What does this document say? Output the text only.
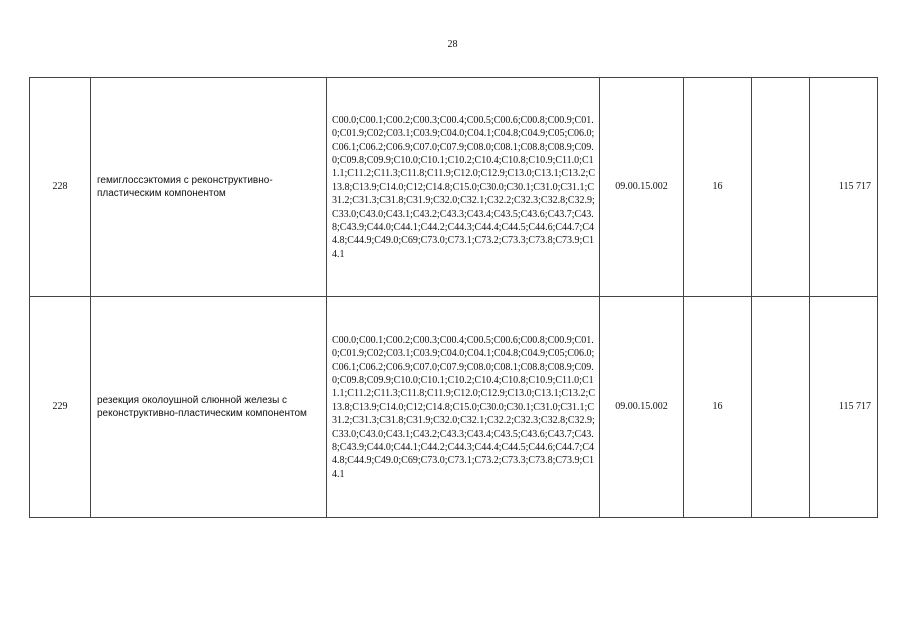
28
228	гемиглоссэктомия с реконструктивно-пластическим компонентом	C00.0;C00.1;C00.2;C00.3;C00.4;C00.5;C00.6;C00.8;C00.9;C01.0;C01.9;C02;C03.1;C03.9;C04.0;C04.1;C04.8;C04.9;C05;C06.0;C06.1;C06.2;C06.9;C07.0;C07.9;C08.0;C08.1;C08.8;C08.9;C09.0;C09.8;C09.9;C10.0;C10.1;C10.2;C10.4;C10.8;C10.9;C11.0;C11.1;C11.2;C11.3;C11.8;C11.9;C12.0;C12.9;C13.0;C13.1;C13.2;C13.8;C13.9;C14.0;C12;C14.8;C15.0;C30.0;C30.1;C31.0;C31.1;C31.2;C31.3;C31.8;C31.9;C32.0;C32.1;C32.2;C32.3;C32.8;C32.9;C33.0;C43.0;C43.1;C43.2;C43.3;C43.4;C43.5;C43.6;C43.7;C43.8;C43.9;C44.0;C44.1;C44.2;C44.3;C44.4;C44.5;C44.6;C44.7;C44.8;C44.9;C49.0;C69;C73.0;C73.1;C73.2;C73.3;C73.8;C73.9;C14.1	09.00.15.002	16		115 717
229	резекция околоушной слюнной железы с реконструктивно-пластическим компонентом	C00.0;C00.1;C00.2;C00.3;C00.4;C00.5;C00.6;C00.8;C00.9;C01.0;C01.9;C02;C03.1;C03.9;C04.0;C04.1;C04.8;C04.9;C05;C06.0;C06.1;C06.2;C06.9;C07.0;C07.9;C08.0;C08.1;C08.8;C08.9;C09.0;C09.8;C09.9;C10.0;C10.1;C10.2;C10.4;C10.8;C10.9;C11.0;C11.1;C11.2;C11.3;C11.8;C11.9;C12.0;C12.9;C13.0;C13.1;C13.2;C13.8;C13.9;C14.0;C12;C14.8;C15.0;C30.0;C30.1;C31.0;C31.1;C31.2;C31.3;C31.8;C31.9;C32.0;C32.1;C32.2;C32.3;C32.8;C32.9;C33.0;C43.0;C43.1;C43.2;C43.3;C43.4;C43.5;C43.6;C43.7;C43.8;C43.9;C44.0;C44.1;C44.2;C44.3;C44.4;C44.5;C44.6;C44.7;C44.8;C44.9;C49.0;C69;C73.0;C73.1;C73.2;C73.3;C73.8;C73.9;C14.1	09.00.15.002	16		115 717
